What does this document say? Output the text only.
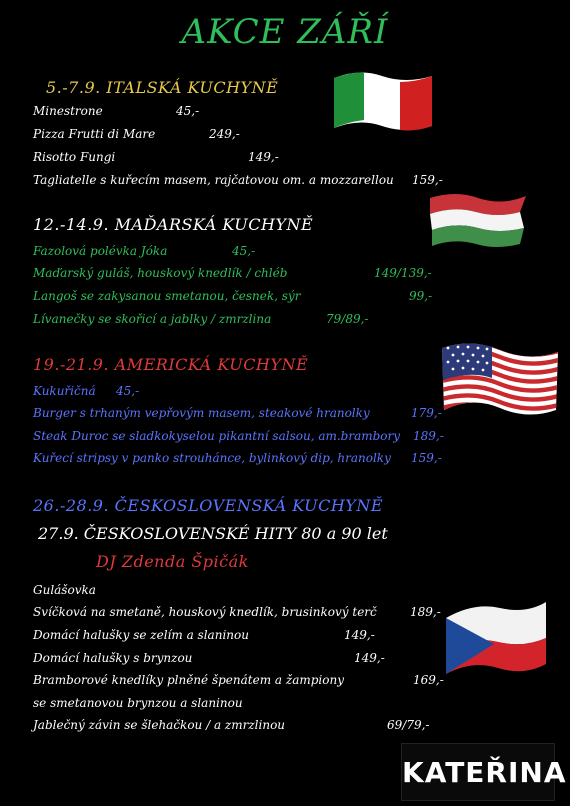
AKCE ZÁŘÍ
5.-7.9. ITALSKÁ KUCHYNĚ
Minestrone	45,-
Pizza Frutti di Mare	249,-
Risotto Fungi	149,-
Tagliatelle s kuřecím masem, rajčatovou om. a mozzarellou 159,-
12.-14.9. MAĎARSKÁ KUCHYNĚ
Fazolová polévka Jóka	45,-
Maďarský guláš, houskový knedlík / chléb	149/139,-
Langoš se zakysanou smetanou, česnek, sýr	99,-
Lívanečky se skořicí a jablky / zmrzlina	79/89,-
19.-21.9. AMERICKÁ KUCHYNĚ
Kukuřičná 45,-
Burger s trhaným vepřovým masem, steakové hranolky	179,-
Steak Duroc se sladkokyselou pikantní salsou, am.brambory 189,-
Kuřecí stripsy v panko strouhánce, bylinkový dip, hranolky 159,-
26.-28.9. ČESKOSLOVENSKÁ KUCHYNĚ
27.9. ČESKOSLOVENSKÉ HITY 80 a 90 let
DJ Zdenda Špičák
Gulášovka
Svíčková na smetaně, houskový knedlík, brusinkový terč	189,-
Domácí halušky se zelím a slaninou	149,-
Domácí halušky s brynzou	149,-
Bramborové knedlíky plněné špenátem a žampiony	169,-
se smetanovou brynzou a slaninou
Jablečný závin se šlehačkou / a zmrzlinou	69/79,-
KATEŘINA
